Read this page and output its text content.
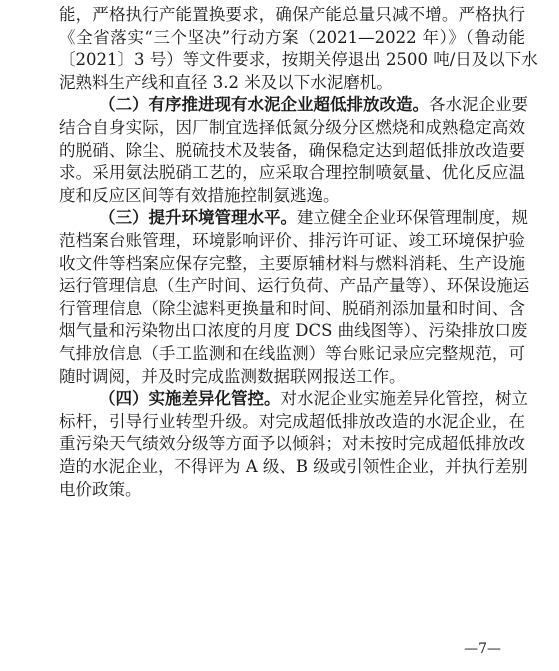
能，严格执行产能置换要求，确保产能总量只减不增。严格执行
《全省落实“三个坚决”行动方案（2021—2022 年）》（鲁动能
〔2021〕3 号）等文件要求，按期关停退出 2500 吨/日及以下水
泥熟料生产线和直径 3.2 米及以下水泥磨机。
（二）有序推进现有水泥企业超低排放改造。各水泥企业要
结合自身实际，因厂制宜选择低氮分级分区燃烧和成熟稳定高效
的脱硝、除尘、脱硫技术及装备，确保稳定达到超低排放改造要
求。采用氨法脱硝工艺的，应采取合理控制喷氨量、优化反应温
度和反应区间等有效措施控制氨逃逸。
（三）提升环境管理水平。建立健全企业环保管理制度，规
范档案台账管理，环境影响评价、排污许可证、竣工环境保护验
收文件等档案应保存完整，主要原辅材料与燃料消耗、生产设施
运行管理信息（生产时间、运行负荷、产品产量等）、环保设施运
行管理信息（除尘滤料更换量和时间、脱硝剂添加量和时间、含
烟气量和污染物出口浓度的月度 DCS 曲线图等）、污染排放口废
气排放信息（手工监测和在线监测）等台账记录应完整规范，可
随时调阅，并及时完成监测数据联网报送工作。
（四）实施差异化管控。对水泥企业实施差异化管控，树立
标杆，引导行业转型升级。对完成超低排放改造的水泥企业，在
重污染天气绩效分级等方面予以倾斜；对未按时完成超低排放改
造的水泥企业，不得评为 A 级、B 级或引领性企业，并执行差别
电价政策。
—7—
